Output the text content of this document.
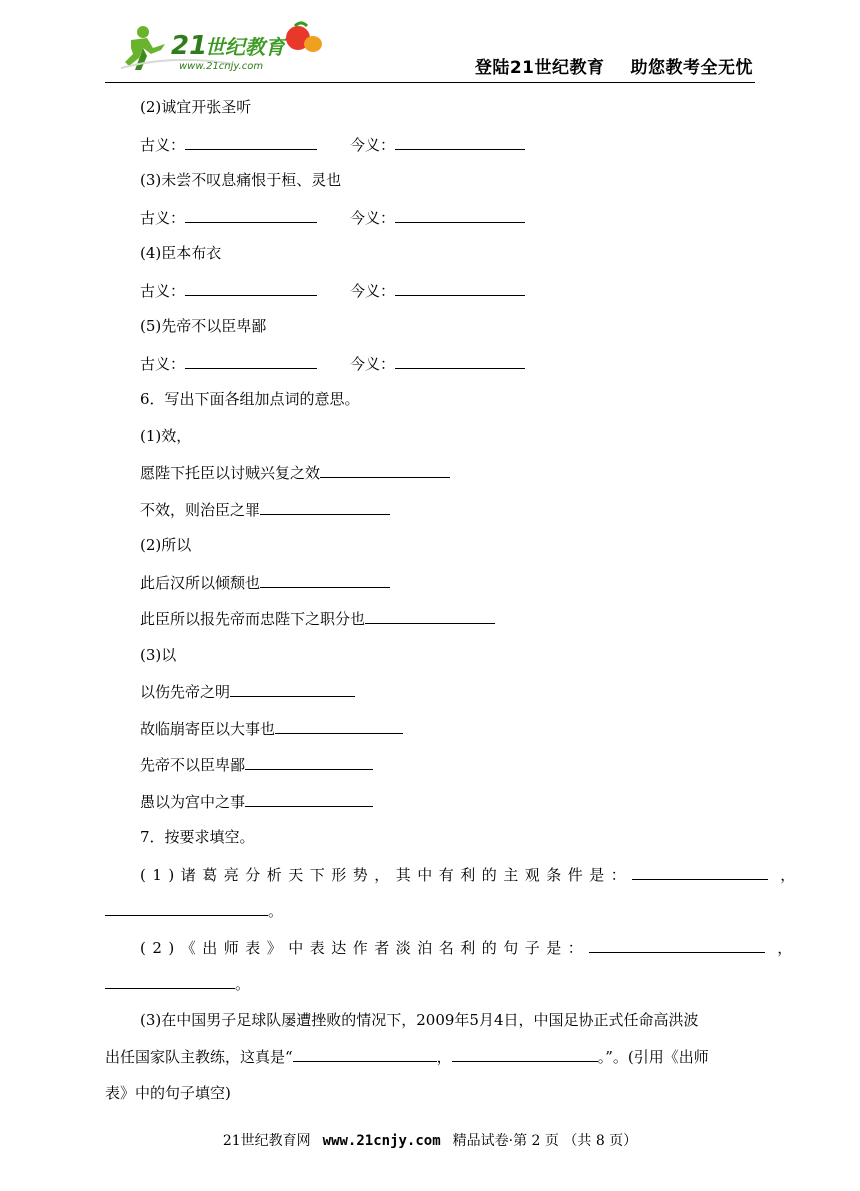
21
世纪教育
www.21cnjy.com	登陆21世纪教育 助您教考全无忧
(2)诚宜开张圣听
古义：	今义：
(3)未尝不叹息痛恨于桓、灵也
古义：	今义：
(4)臣本布衣
古义：	今义：
(5)先帝不以臣卑鄙
古义：	今义：
6．写出下面各组加点词的意思。
(1)效，
愿陛下托臣以讨贼兴复之效
不效，则治臣之罪
(2)所以
此后汉所以倾颓也
此臣所以报先帝而忠陛下之职分也
(3)以
以伤先帝之明
故临崩寄臣以大事也
先帝不以臣卑鄙
愚以为宫中之事
7．按要求填空。
(1)诸葛亮分析天下形势，其中有利的主观条件是：	，
。
(2)《出师表》中表达作者淡泊名利的句子是：	，
。
(3)在中国男子足球队屡遭挫败的情况下，2009年5月4日，中国足协正式任命高洪波
出任国家队主教练，这真是“	，	。”。(引用《出师
表》中的句子填空)
21世纪教育网 www.21cnjy.com 精品试卷·第 2 页 （共 8 页）
